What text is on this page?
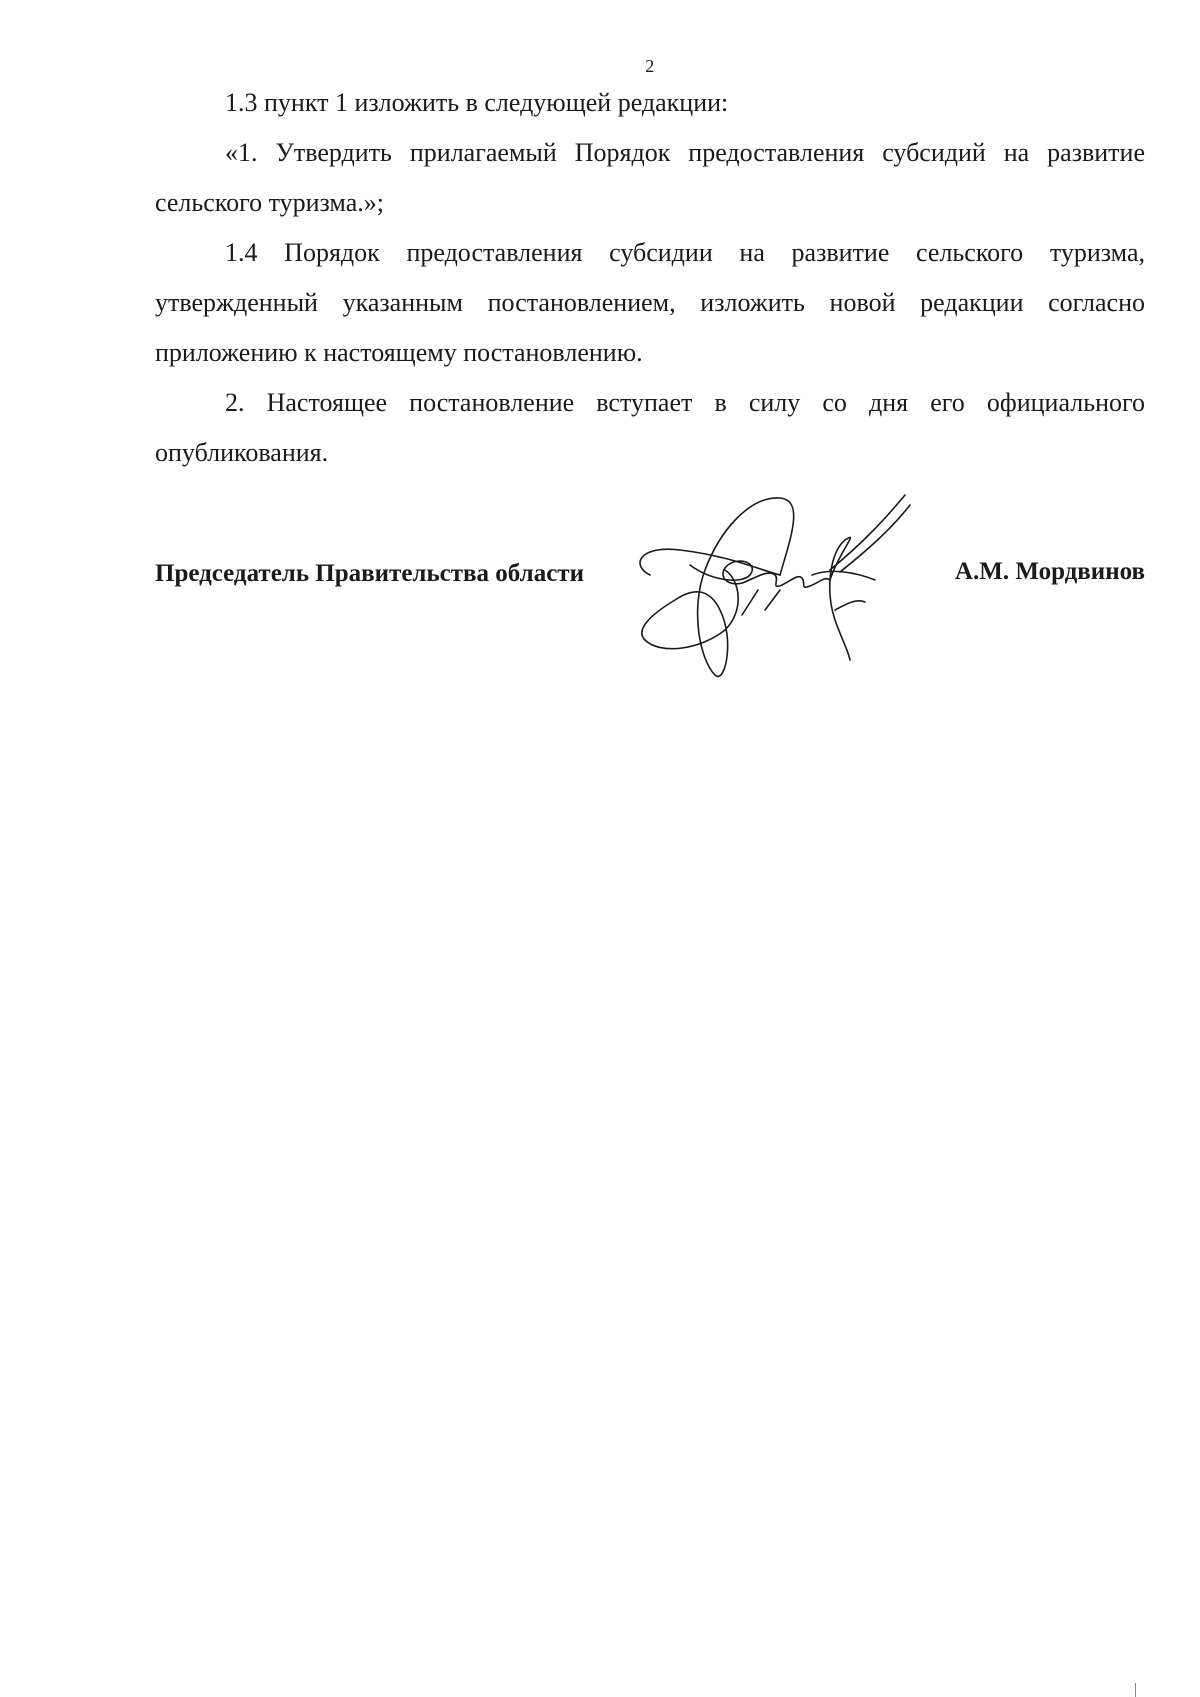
2

1.3 пункт 1 изложить в следующей редакции:

«1. Утвердить прилагаемый Порядок предоставления субсидий на развитие сельского туризма.»;

1.4 Порядок предоставления субсидии на развитие сельского туризма, утвержденный указанным постановлением, изложить новой редакции согласно приложению к настоящему постановлению.

2. Настоящее постановление вступает в силу со дня его официального опубликования.

Председатель Правительства области	А.М. Мордвинов
